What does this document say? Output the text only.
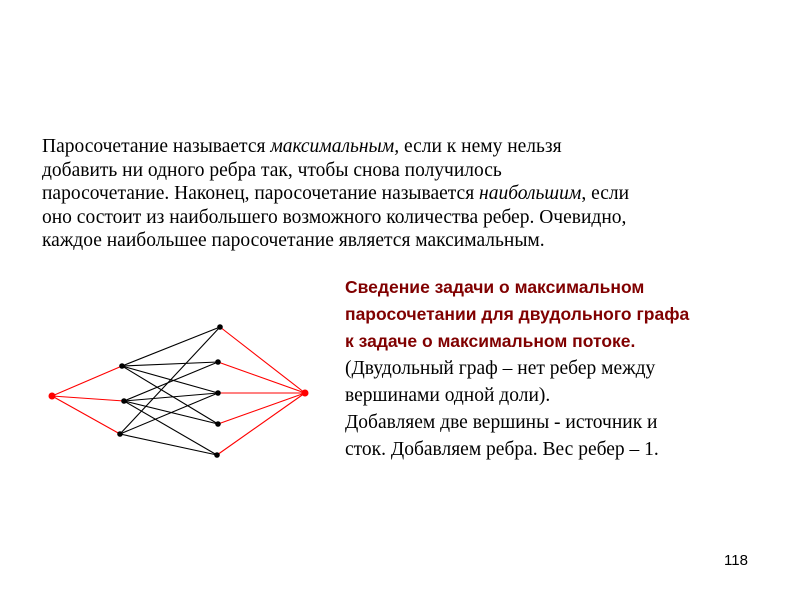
Паросочетание называется максимальным, если к нему нельзя
добавить ни одного ребра так, чтобы снова получилось
паросочетание. Наконец, паросочетание называется наибольшим, если
оно состоит из наибольшего возможного количества ребер. Очевидно,
каждое наибольшее паросочетание является максимальным.
Сведение задачи о максимальном
паросочетании для двудольного графа
к задаче о максимальном потоке.
(Двудольный граф – нет ребер между
вершинами одной доли).
Добавляем две вершины - источник и
сток. Добавляем ребра. Вес ребер – 1.
118
